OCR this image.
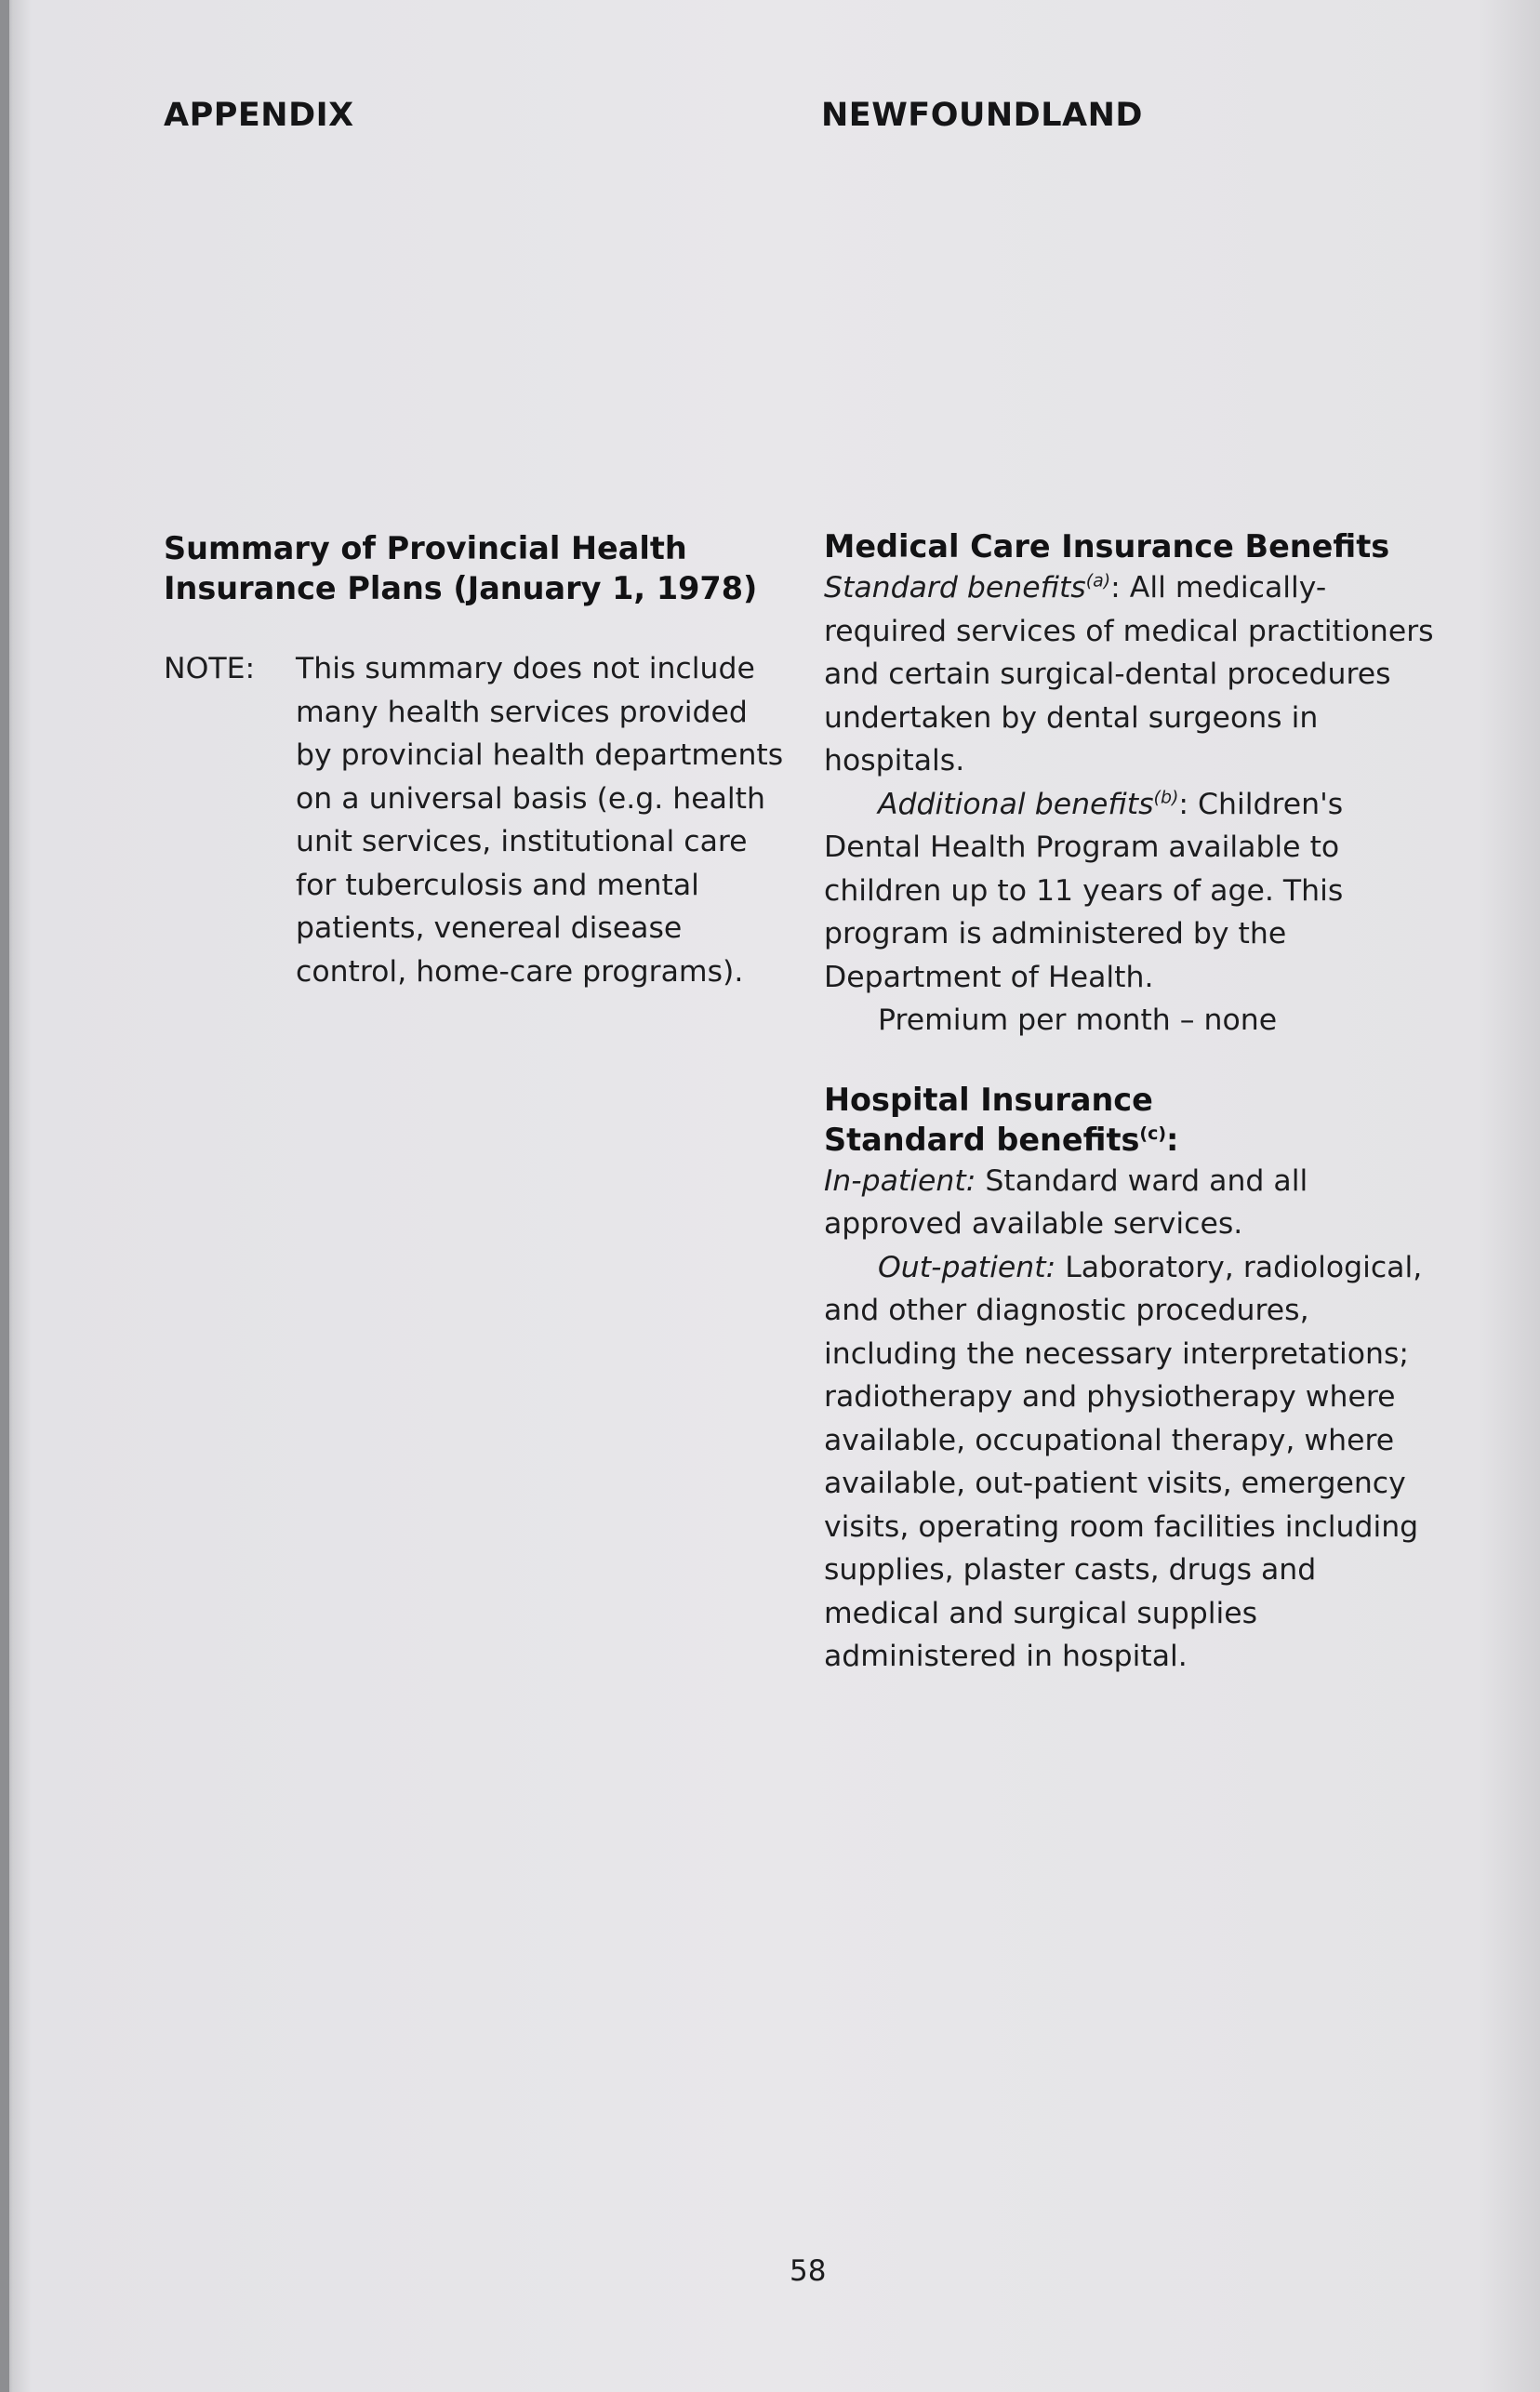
APPENDIX	NEWFOUNDLAND
Summary of Provincial Health Insurance Plans (January 1, 1978)
NOTE:	This summary does not include many health services provided by provincial health departments on a universal basis (e.g. health unit services, institutional care for tuberculosis and mental patients, venereal disease control, home-care programs).
Medical Care Insurance Benefits

Standard benefits$^{(a)}$: All medically-required services of medical practitioners and certain surgical-dental procedures undertaken by dental surgeons in hospitals.

Additional benefits$^{(b)}$: Children's Dental Health Program available to children up to 11 years of age. This program is administered by the Department of Health.

Premium per month – none

Hospital Insurance
Standard benefits$^{(c)}$:

In-patient: Standard ward and all approved available services.

Out-patient: Laboratory, radiological, and other diagnostic procedures, including the necessary interpretations; radiotherapy and physiotherapy where available, occupational therapy, where available, out-patient visits, emergency visits, operating room facilities including supplies, plaster casts, drugs and medical and surgical supplies administered in hospital.

58
